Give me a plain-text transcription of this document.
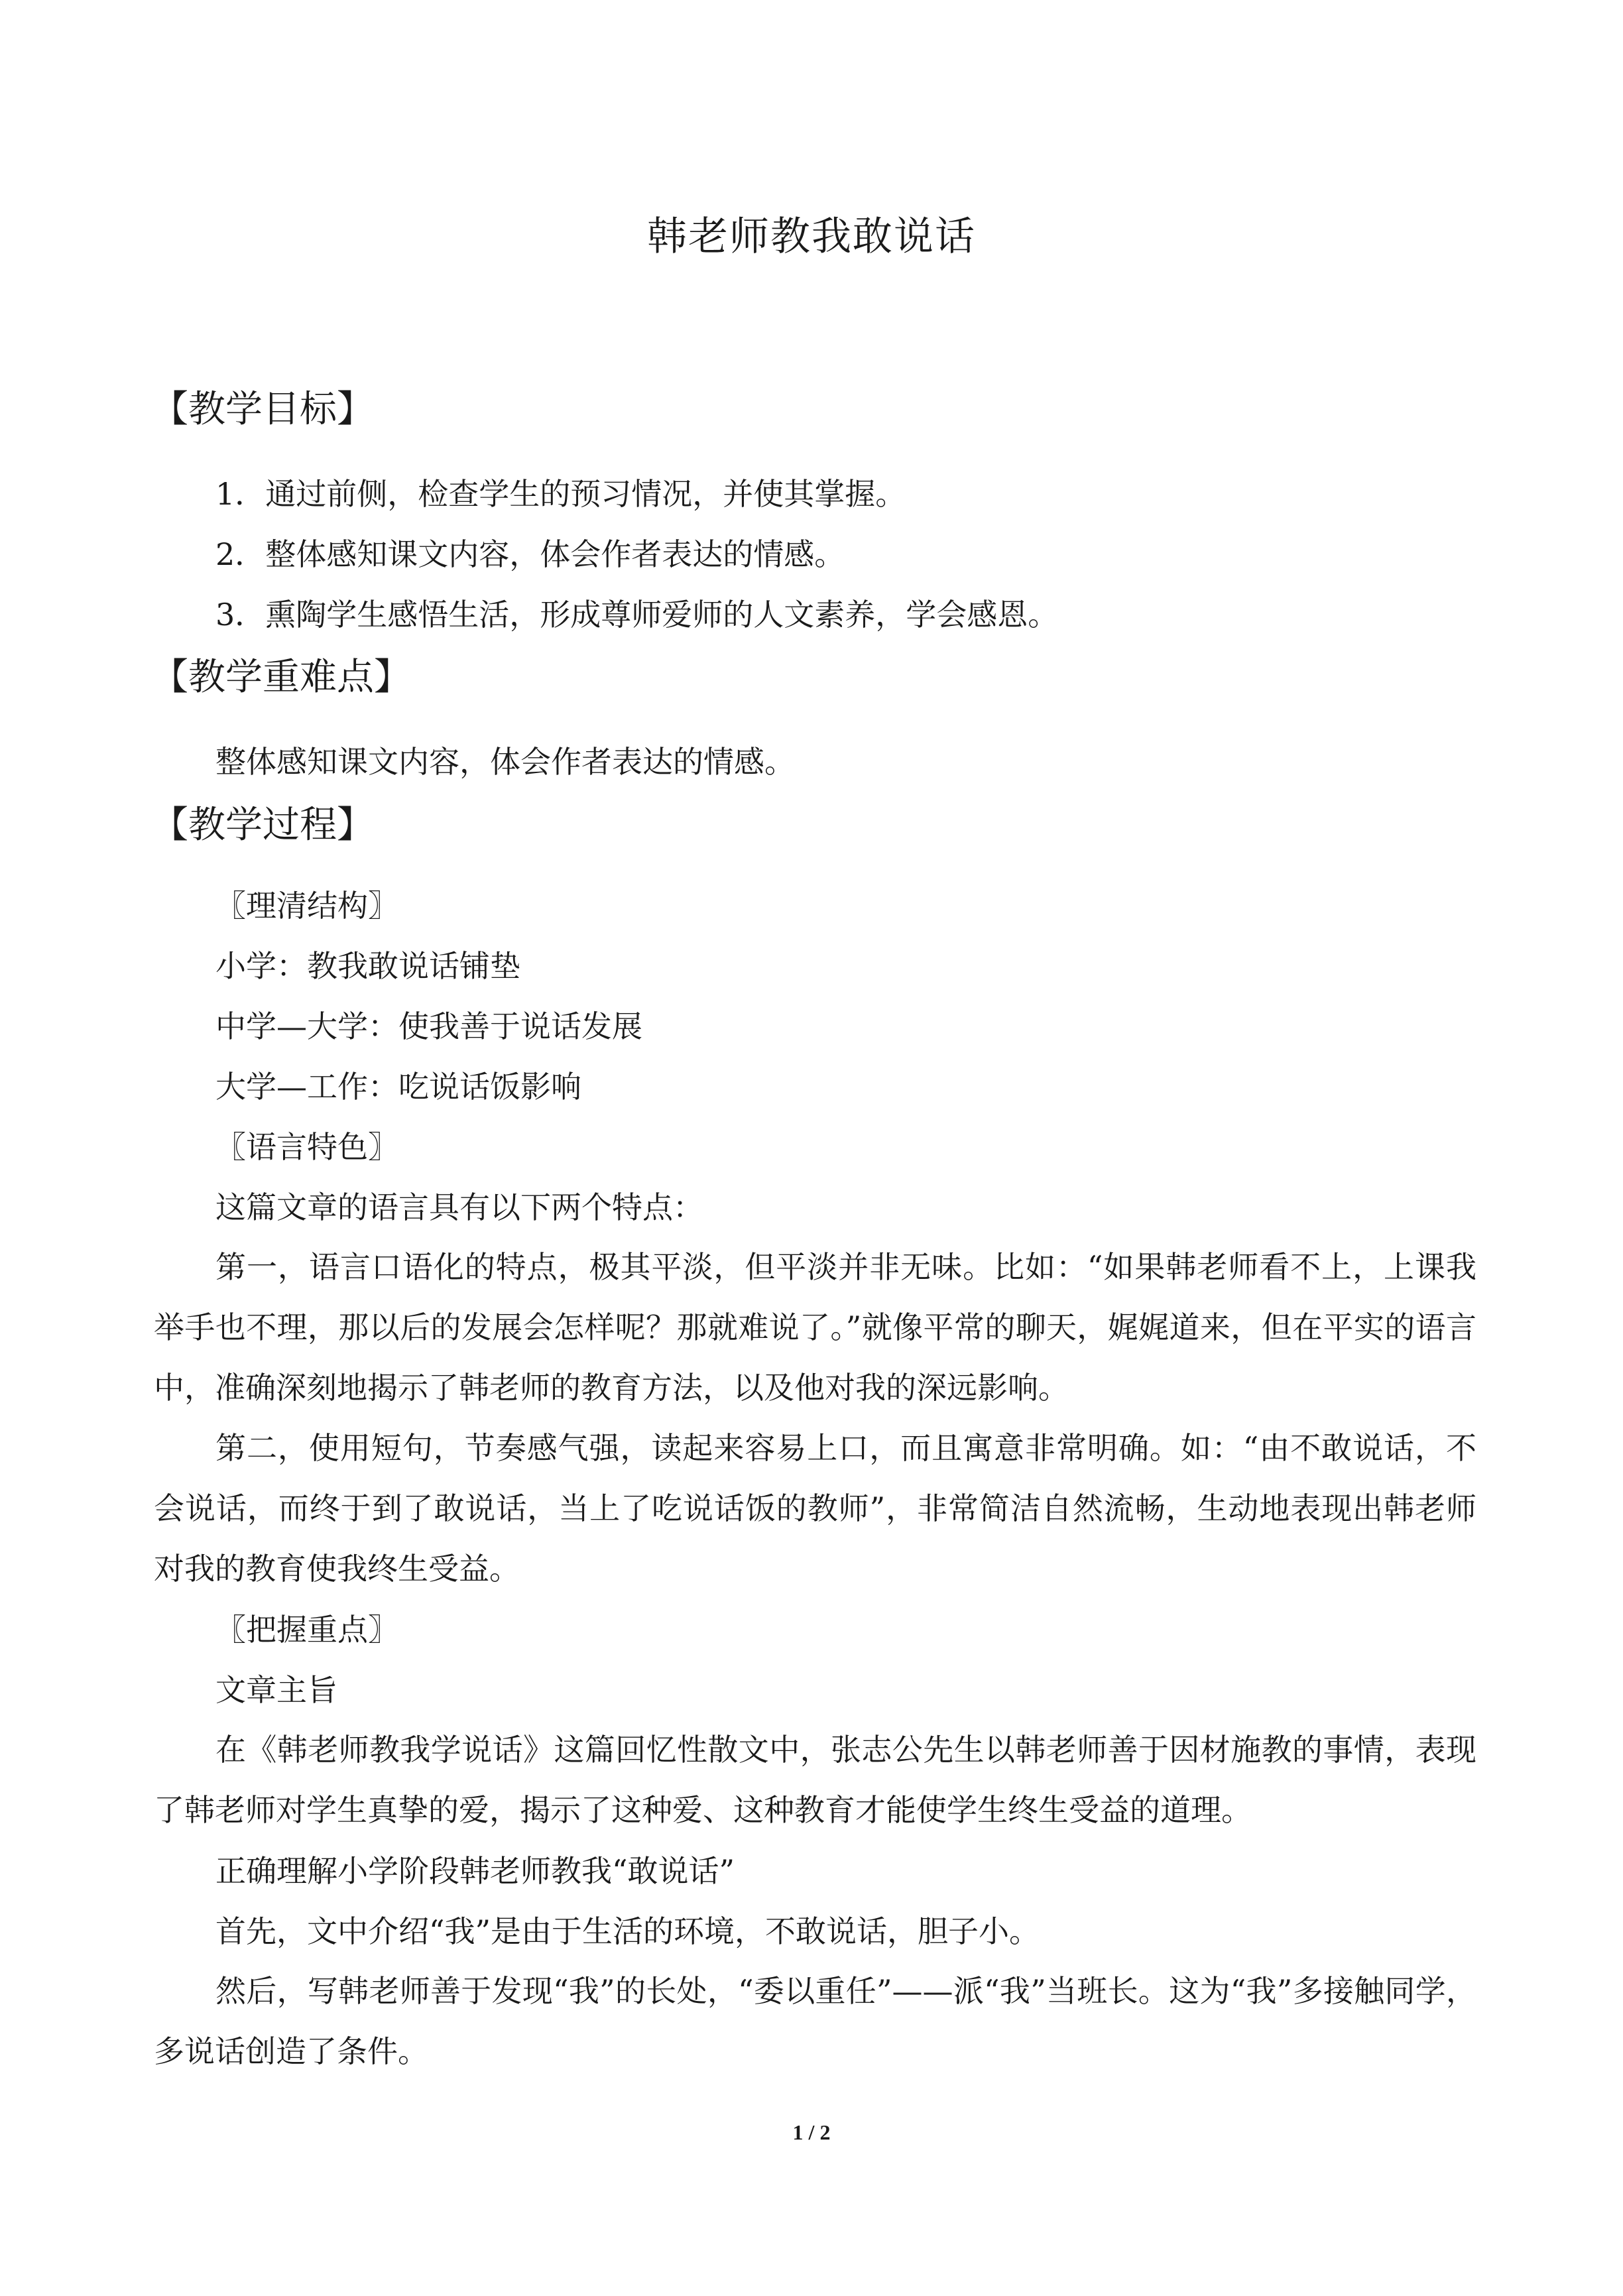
韩老师教我敢说话
【教学目标】
1．通过前侧，检查学生的预习情况，并使其掌握。
2．整体感知课文内容，体会作者表达的情感。
3．熏陶学生感悟生活，形成尊师爱师的人文素养，学会感恩。
【教学重难点】
整体感知课文内容，体会作者表达的情感。
【教学过程】
〖理清结构〗
小学：教我敢说话铺垫
中学—大学：使我善于说话发展
大学—工作：吃说话饭影响
〖语言特色〗
这篇文章的语言具有以下两个特点：

第一，语言口语化的特点，极其平淡，但平淡并非无味。比如：“如果韩老师看不上，上课我举手也不理，那以后的发展会怎样呢？那就难说了。”就像平常的聊天，娓娓道来，但在平实的语言中，准确深刻地揭示了韩老师的教育方法，以及他对我的深远影响。

第二，使用短句，节奏感气强，读起来容易上口，而且寓意非常明确。如：“由不敢说话，不会说话，而终于到了敢说话，当上了吃说话饭的教师”，非常简洁自然流畅，生动地表现出韩老师对我的教育使我终生受益。

〖把握重点〗
文章主旨

在《韩老师教我学说话》这篇回忆性散文中，张志公先生以韩老师善于因材施教的事情，表现了韩老师对学生真挚的爱，揭示了这种爱、这种教育才能使学生终生受益的道理。

正确理解小学阶段韩老师教我“敢说话”
首先，文中介绍“我”是由于生活的环境，不敢说话，胆子小。

然后，写韩老师善于发现“我”的长处，“委以重任”——派“我”当班长。这为“我”多接触同学，多说话创造了条件。

1 / 2
